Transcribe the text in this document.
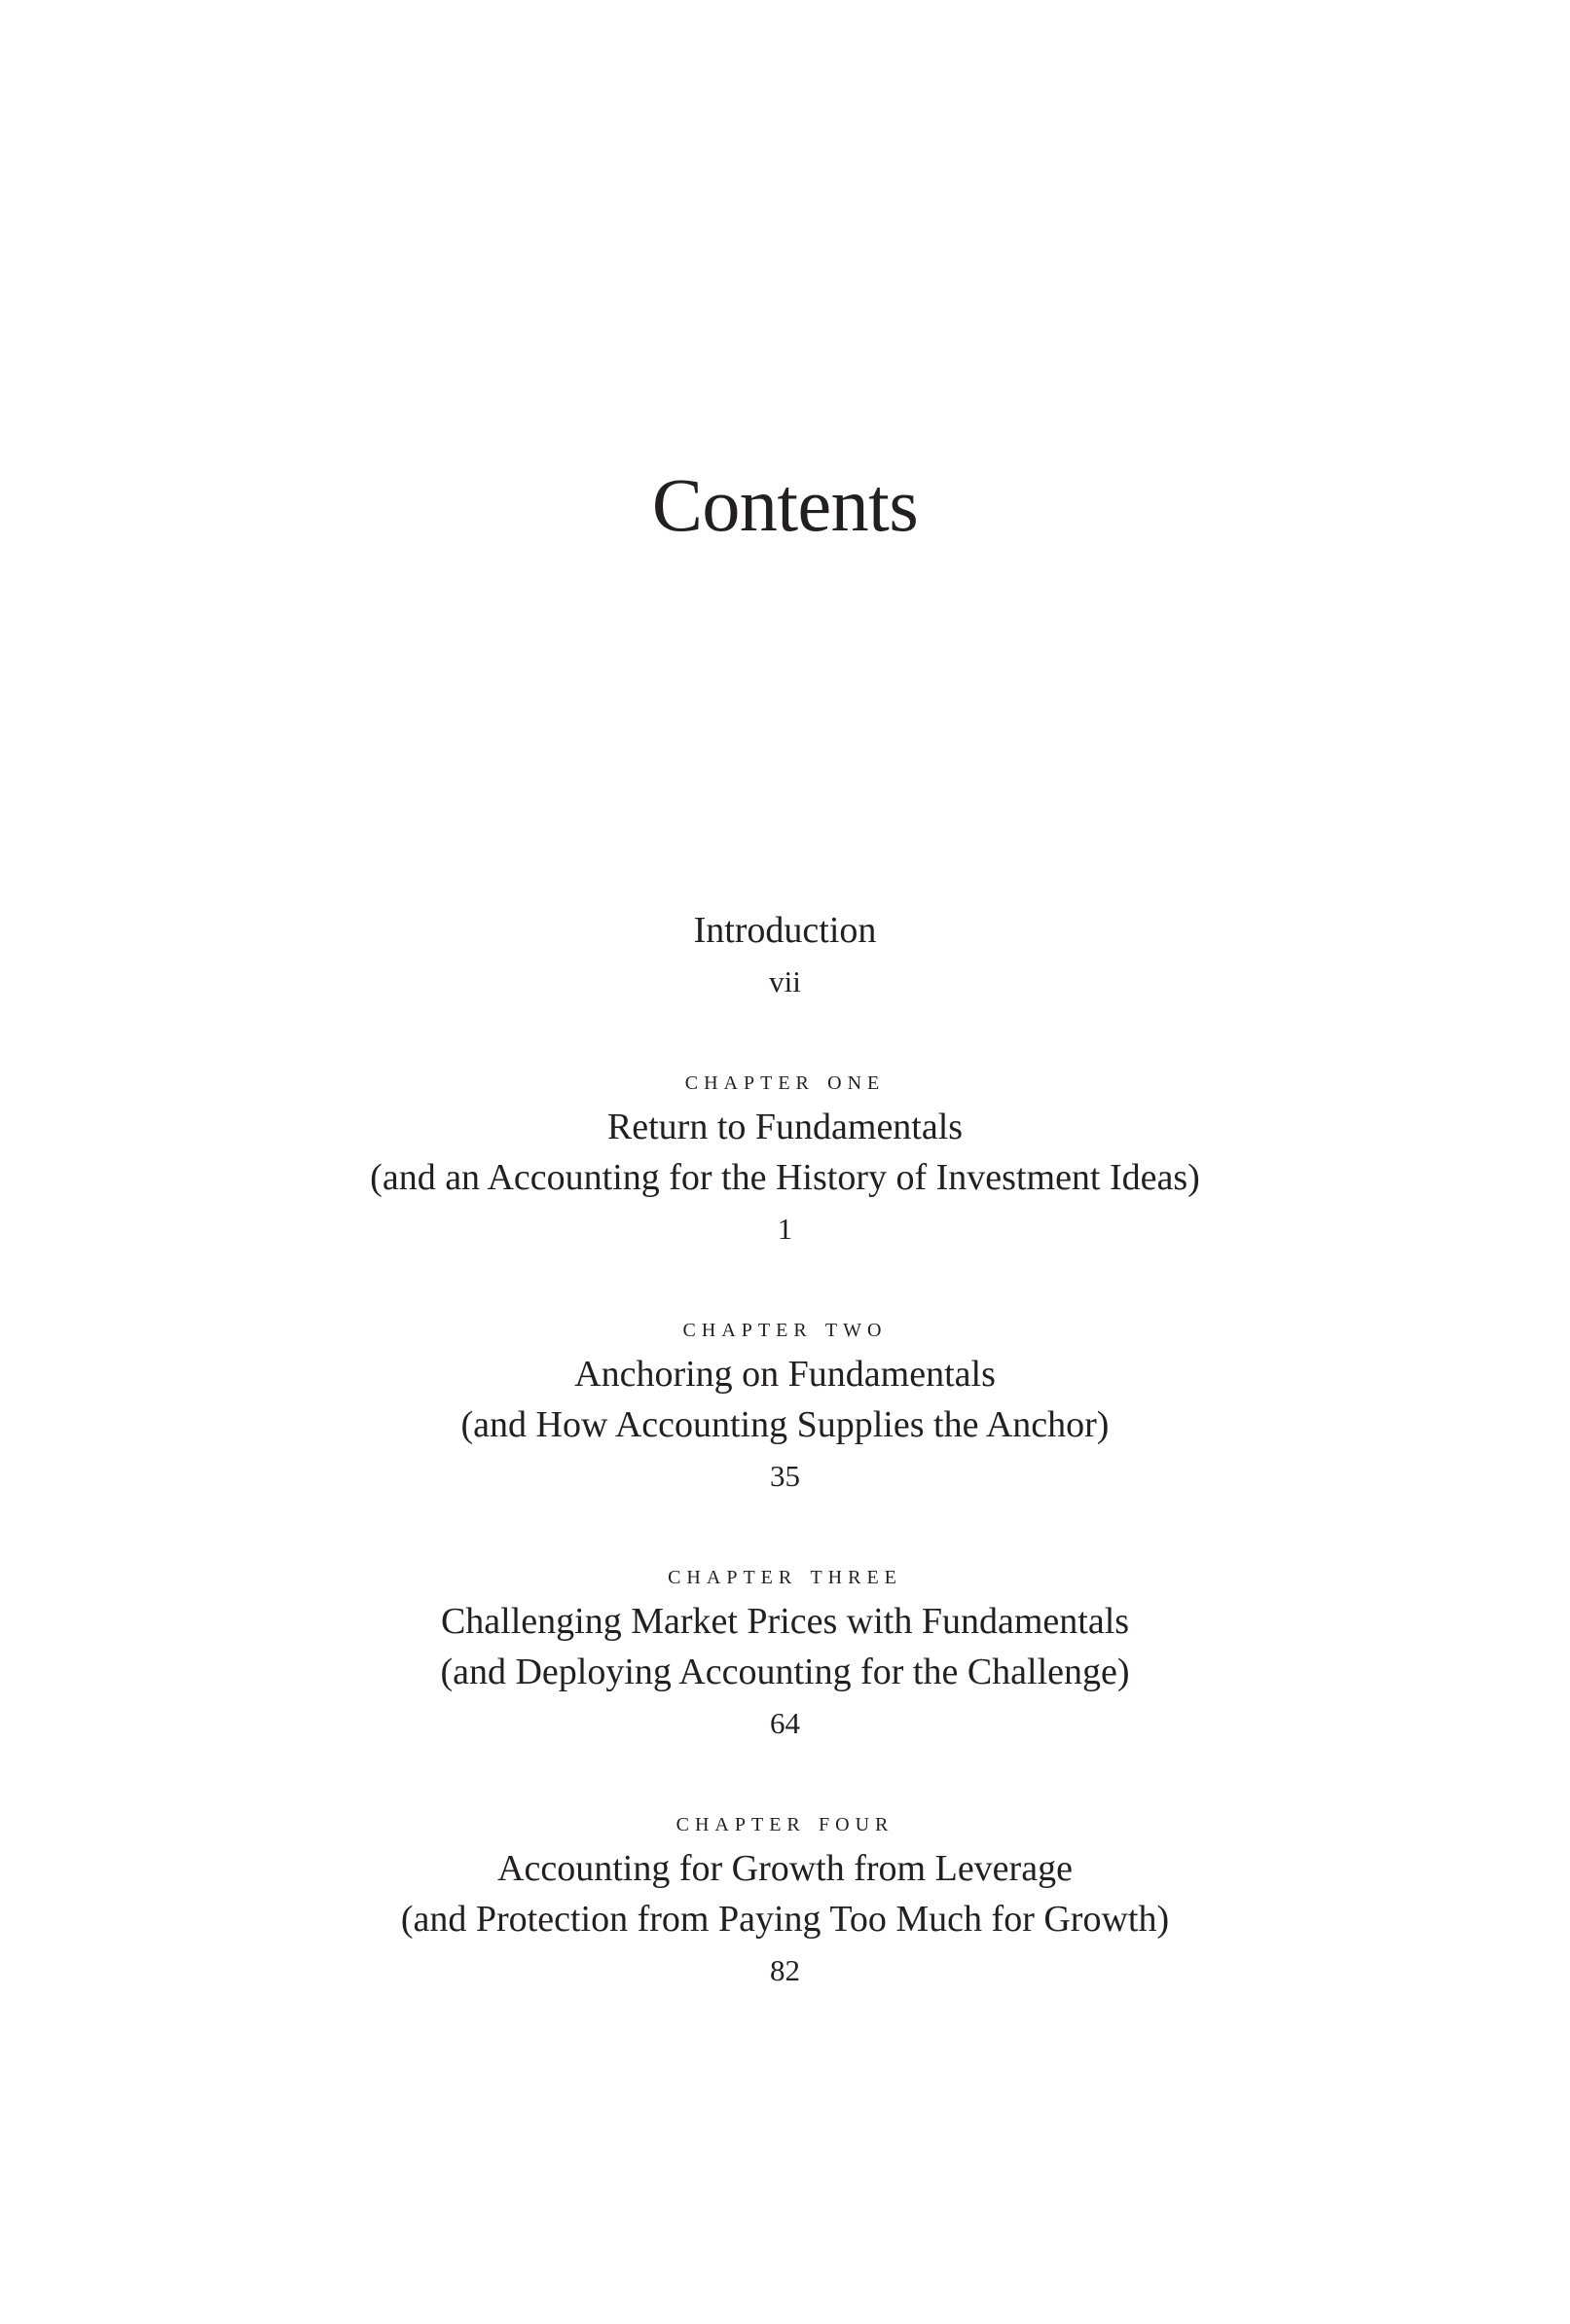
Contents
Introduction
vii
chapter one
Return to Fundamentals
(and an Accounting for the History of Investment Ideas)
1
chapter two
Anchoring on Fundamentals
(and How Accounting Supplies the Anchor)
35
chapter three
Challenging Market Prices with Fundamentals
(and Deploying Accounting for the Challenge)
64
chapter four
Accounting for Growth from Leverage
(and Protection from Paying Too Much for Growth)
82
